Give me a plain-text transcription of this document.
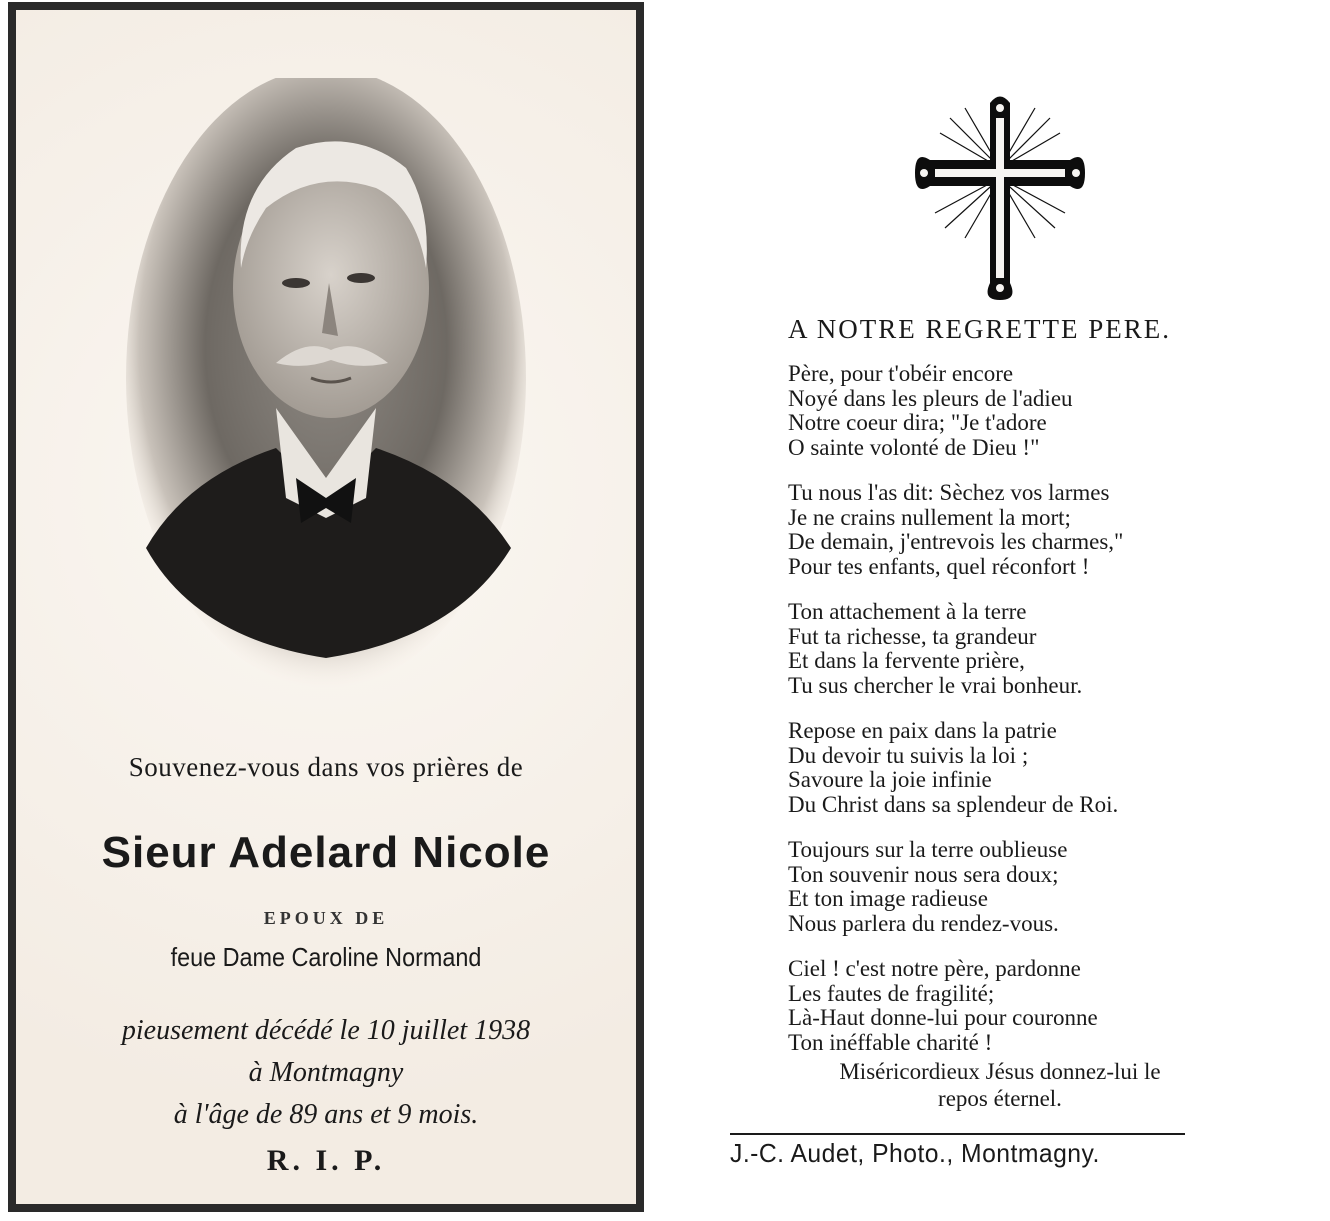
Souvenez-vous dans vos prières de
Sieur Adelard Nicole
EPOUX DE
feue Dame Caroline Normand
pieusement décédé le 10 juillet 1938
à Montmagny
à l'âge de 89 ans et 9 mois.
R. I. P.
A NOTRE REGRETTE PERE.
Père, pour t'obéir encore
Noyé dans les pleurs de l'adieu
Notre coeur dira; "Je t'adore
O sainte volonté de Dieu !"
Tu nous l'as dit: Sèchez vos larmes
Je ne crains nullement la mort;
De demain, j'entrevois les charmes,"
Pour tes enfants, quel réconfort !
Ton attachement à la terre
Fut ta richesse, ta grandeur
Et dans la fervente prière,
Tu sus chercher le vrai bonheur.
Repose en paix dans la patrie
Du devoir tu suivis la loi ;
Savoure la joie infinie
Du Christ dans sa splendeur de Roi.
Toujours sur la terre oublieuse
Ton souvenir nous sera doux;
Et ton image radieuse
Nous parlera du rendez-vous.
Ciel ! c'est notre père, pardonne
Les fautes de fragilité;
Là-Haut donne-lui pour couronne
Ton inéffable charité !
Miséricordieux Jésus donnez-lui le
repos éternel.
J.-C. Audet, Photo., Montmagny.
